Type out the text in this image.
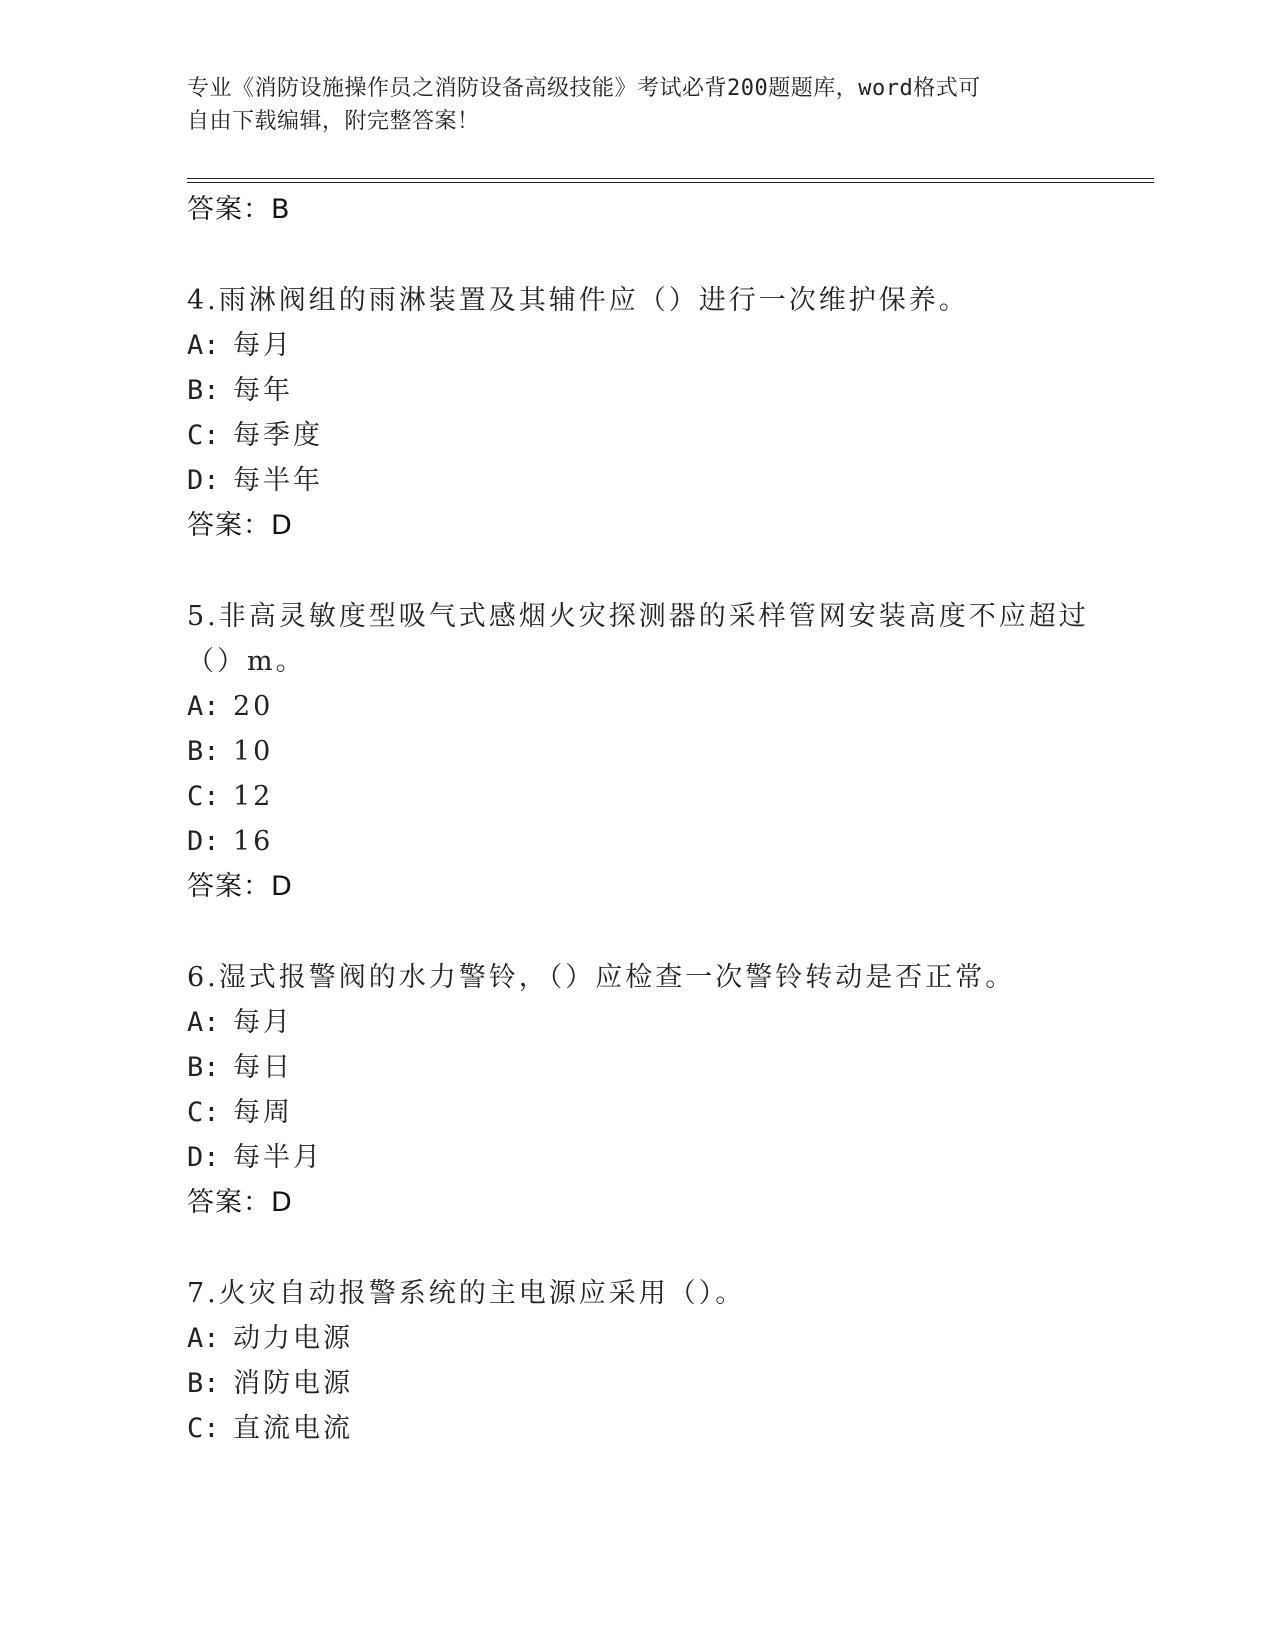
专业《消防设施操作员之消防设备高级技能》考试必背200题题库，word格式可
自由下载编辑，附完整答案！
答案：B
4.雨淋阀组的雨淋装置及其辅件应（）进行一次维护保养。
A: 每月
B: 每年
C: 每季度
D: 每半年
答案：D
5.非高灵敏度型吸气式感烟火灾探测器的采样管网安装高度不应超过
（）m。
A: 20
B: 10
C: 12
D: 16
答案：D
6.湿式报警阀的水力警铃，（）应检查一次警铃转动是否正常。
A: 每月
B: 每日
C: 每周
D: 每半月
答案：D
7.火灾自动报警系统的主电源应采用（）。
A: 动力电源
B: 消防电源
C: 直流电流
